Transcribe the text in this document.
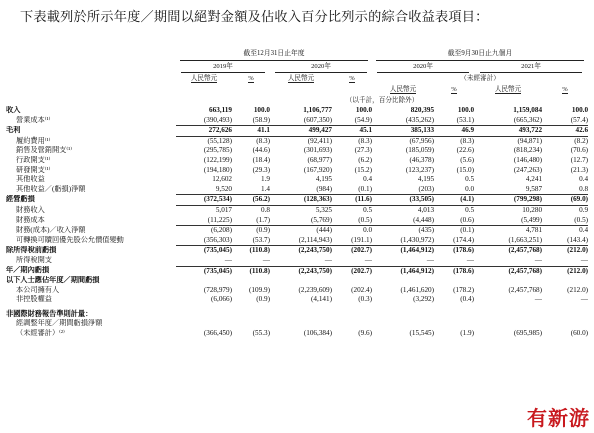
下表載列於所示年度／期間以絕對金額及佔收入百分比列示的綜合收益表項目：
	截至12月31日止年度				截至9月30日止九個月			
	2019年		2020年		2020年		2021年	
	人民幣元	%	人民幣元	%	（未經審計）			
					人民幣元	%	人民幣元	%
	（以千計，百分比除外）							
收入	663,119	100.0	1,106,777	100.0	820,395	100.0	1,159,084	100.0
營業成本⁽¹⁾	(390,493)	(58.9)	(607,350)	(54.9)	(435,262)	(53.1)	(665,362)	(57.4)
毛利	272,626	41.1	499,427	45.1	385,133	46.9	493,722	42.6
履約費用⁽¹⁾	(55,128)	(8.3)	(92,411)	(8.3)	(67,956)	(8.3)	(94,871)	(8.2)
銷售及營銷開支⁽¹⁾	(295,785)	(44.6)	(301,693)	(27.3)	(185,059)	(22.6)	(818,234)	(70.6)
行政開支⁽¹⁾	(122,199)	(18.4)	(68,977)	(6.2)	(46,378)	(5.6)	(146,480)	(12.7)
研發開支⁽¹⁾	(194,180)	(29.3)	(167,920)	(15.2)	(123,237)	(15.0)	(247,263)	(21.3)
其他收益	12,602	1.9	4,195	0.4	4,195	0.5	4,241	0.4
其他收益／(虧損)淨額	9,520	1.4	(984)	(0.1)	(203)	0.0	9,587	0.8
經營虧損	(372,534)	(56.2)	(128,363)	(11.6)	(33,505)	(4.1)	(799,298)	(69.0)
財務收入	5,017	0.8	5,325	0.5	4,013	0.5	10,280	0.9
財務成本	(11,225)	(1.7)	(5,769)	(0.5)	(4,448)	(0.6)	(5,499)	(0.5)
財務(成本)／收入淨額	(6,208)	(0.9)	(444)	0.0	(435)	(0.1)	4,781	0.4
可轉換可贖回優先股公允價值變動	(356,303)	(53.7)	(2,114,943)	(191.1)	(1,430,972)	(174.4)	(1,663,251)	(143.4)
除所得稅前虧損	(735,045)	(110.8)	(2,243,750)	(202.7)	(1,464,912)	(178.6)	(2,457,768)	(212.0)
所得稅開支	—	—	—	—	—	—	—	—
年／期內虧損	(735,045)	(110.8)	(2,243,750)	(202.7)	(1,464,912)	(178.6)	(2,457,768)	(212.0)
以下人士應佔年度／期間虧損								
本公司擁有人	(728,979)	(109.9)	(2,239,609)	(202.4)	(1,461,620)	(178.2)	(2,457,768)	(212.0)
非控股權益	(6,066)	(0.9)	(4,141)	(0.3)	(3,292)	(0.4)	—	—
非國際財務報告準則計量：								
經調整年度／期間虧損淨額								
（未經審計）⁽²⁾	(366,450)	(55.3)	(106,384)	(9.6)	(15,545)	(1.9)	(695,985)	(60.0)
有新游
